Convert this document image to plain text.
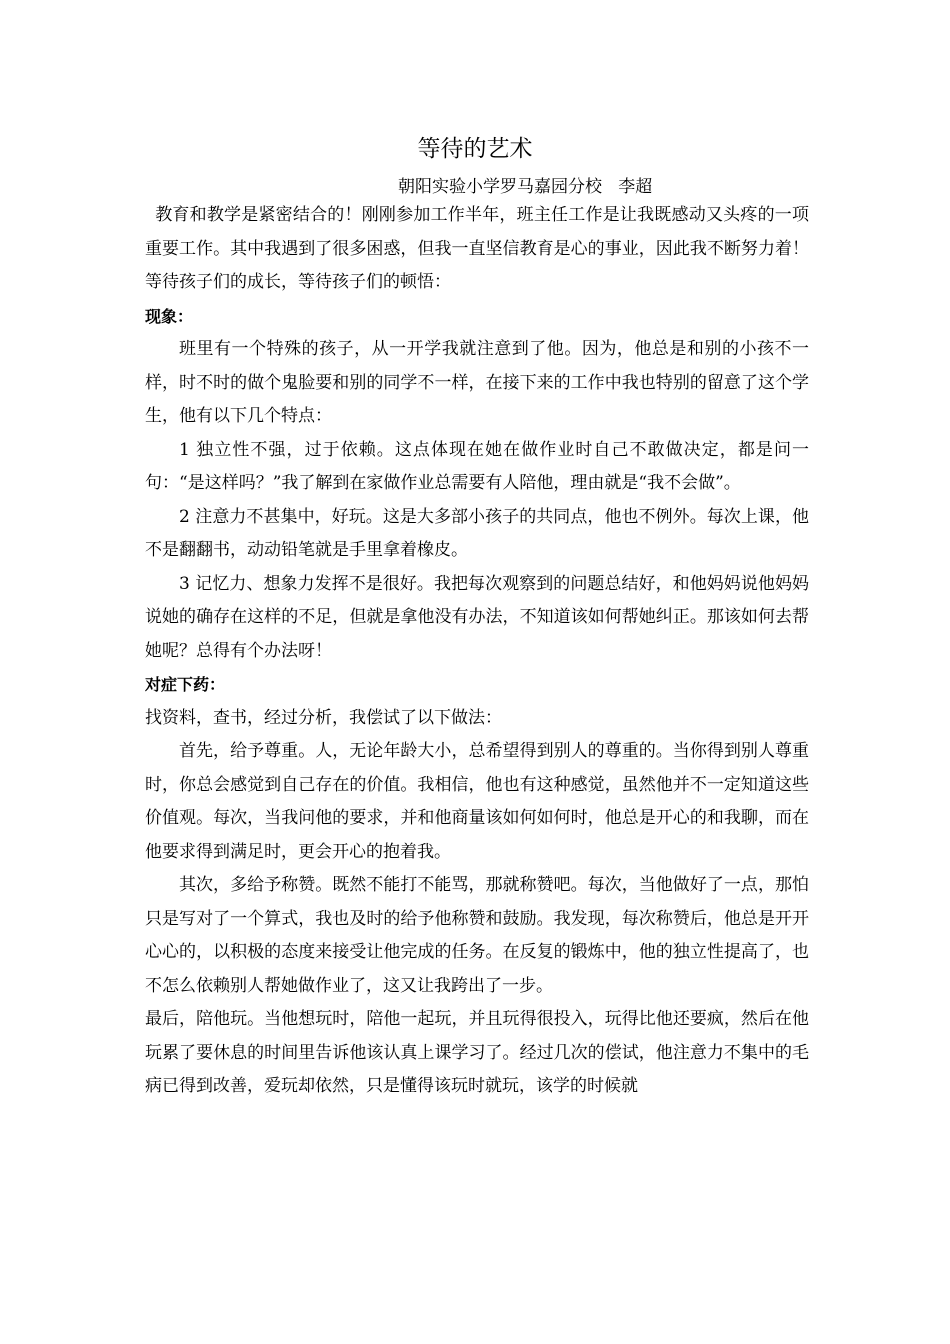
等待的艺术
朝阳实验小学罗马嘉园分校   李超

教育和教学是紧密结合的！刚刚参加工作半年，班主任工作是让我既感动又头疼的一项重要工作。其中我遇到了很多困惑，但我一直坚信教育是心的事业，因此我不断努力着！等待孩子们的成长，等待孩子们的顿悟：

现象：

班里有一个特殊的孩子，从一开学我就注意到了他。因为，他总是和别的小孩不一样，时不时的做个鬼脸要和别的同学不一样，在接下来的工作中我也特别的留意了这个学生，他有以下几个特点：

1 独立性不强，过于依赖。这点体现在她在做作业时自己不敢做决定，都是问一句：“是这样吗？”我了解到在家做作业总需要有人陪他，理由就是“我不会做”。

2 注意力不甚集中，好玩。这是大多部小孩子的共同点，他也不例外。每次上课，他不是翻翻书，动动铅笔就是手里拿着橡皮。

3 记忆力、想象力发挥不是很好。我把每次观察到的问题总结好，和他妈妈说他妈妈说她的确存在这样的不足，但就是拿他没有办法，不知道该如何帮她纠正。那该如何去帮她呢？总得有个办法呀！

对症下药：

找资料，查书，经过分析，我偿试了以下做法：

首先，给予尊重。人，无论年龄大小，总希望得到别人的尊重的。当你得到别人尊重时，你总会感觉到自己存在的价值。我相信，他也有这种感觉，虽然他并不一定知道这些价值观。每次，当我问他的要求，并和他商量该如何如何时，他总是开心的和我聊，而在他要求得到满足时，更会开心的抱着我。

其次，多给予称赞。既然不能打不能骂，那就称赞吧。每次，当他做好了一点，那怕只是写对了一个算式，我也及时的给予他称赞和鼓励。我发现，每次称赞后，他总是开开心心的，以积极的态度来接受让他完成的任务。在反复的锻炼中，他的独立性提高了，也不怎么依赖别人帮她做作业了，这又让我跨出了一步。

最后，陪他玩。当他想玩时，陪他一起玩，并且玩得很投入，玩得比他还要疯，然后在他玩累了要休息的时间里告诉他该认真上课学习了。经过几次的偿试，他注意力不集中的毛病已得到改善，爱玩却依然，只是懂得该玩时就玩，该学的时候就
